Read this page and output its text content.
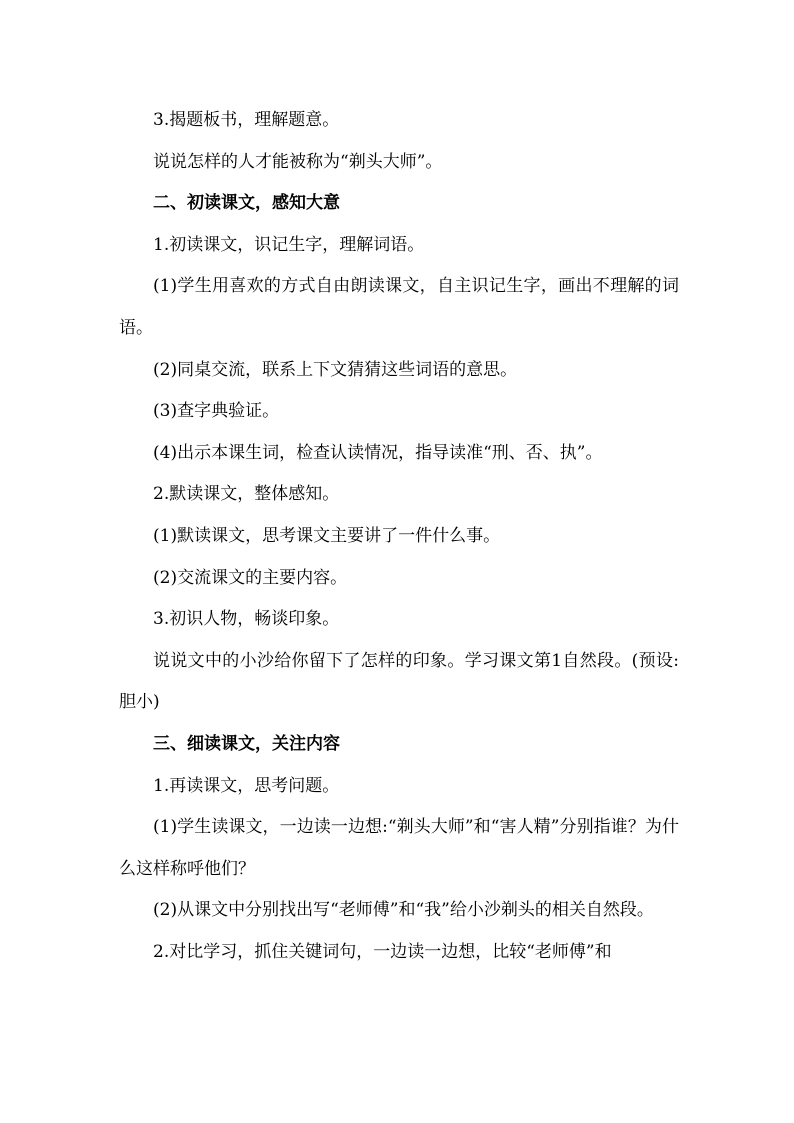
3.揭题板书，理解题意。

说说怎样的人才能被称为“剃头大师”。

二、初读课文，感知大意

1.初读课文，识记生字，理解词语。

(1)学生用喜欢的方式自由朗读课文，自主识记生字，画出不理解的词语。

(2)同桌交流，联系上下文猜猜这些词语的意思。

(3)查字典验证。

(4)出示本课生词，检查认读情况，指导读准“刑、否、执”。

2.默读课文，整体感知。

(1)默读课文，思考课文主要讲了一件什么事。

(2)交流课文的主要内容。

3.初识人物，畅谈印象。

说说文中的小沙给你留下了怎样的印象。学习课文第1自然段。(预设:胆小)

三、细读课文，关注内容

1.再读课文，思考问题。

(1)学生读课文，一边读一边想:“剃头大师”和“害人精”分别指谁？为什么这样称呼他们？

(2)从课文中分别找出写“老师傅”和“我”给小沙剃头的相关自然段。

2.对比学习，抓住关键词句，一边读一边想，比较“老师傅”和
